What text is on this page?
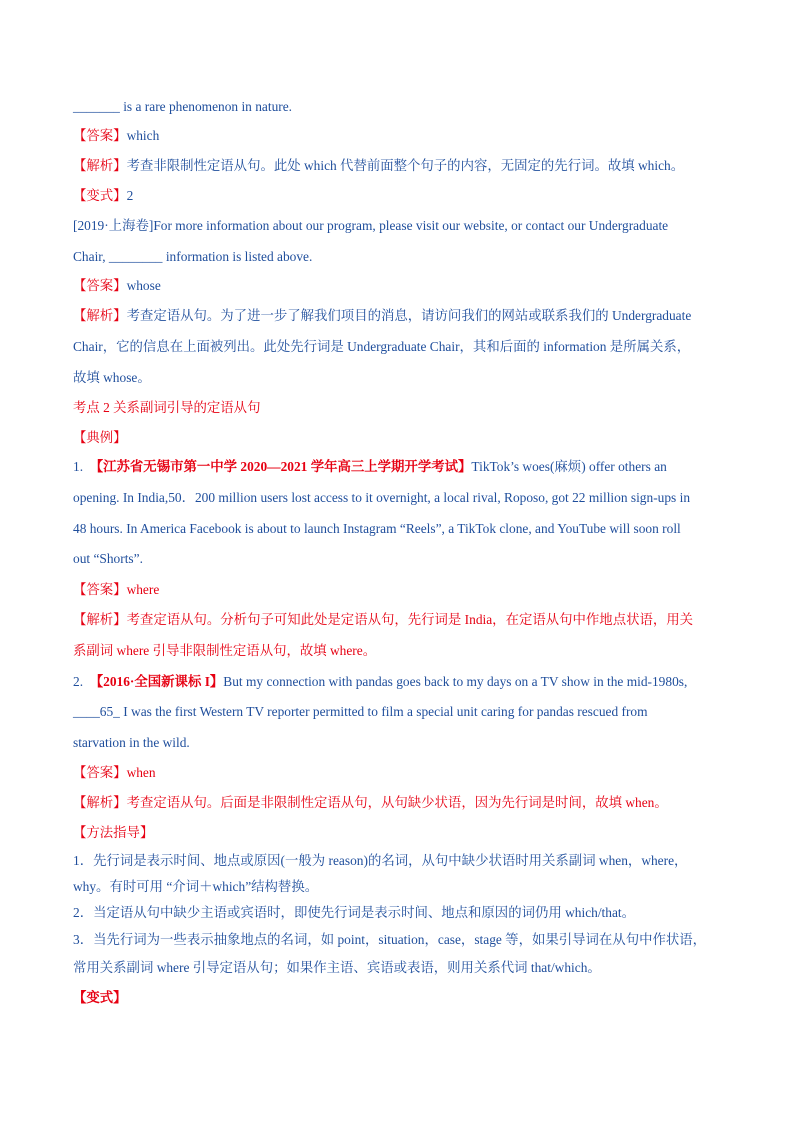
_______ is a rare phenomenon in nature.
【答案】which
【解析】考查非限制性定语从句。此处 which 代替前面整个句子的内容，无固定的先行词。故填 which。
【变式】2
[2019·上海卷]For more information about our program, please visit our website, or contact our Undergraduate
Chair, ________ information is listed above.
【答案】whose
【解析】考查定语从句。为了进一步了解我们项目的消息，请访问我们的网站或联系我们的 Undergraduate
Chair，它的信息在上面被列出。此处先行词是 Undergraduate Chair，其和后面的 information 是所属关系，
故填 whose。
考点 2 关系副词引导的定语从句
【典例】
1. 【江苏省无锡市第一中学 2020—2021 学年高三上学期开学考试】TikTok’s woes(麻烦) offer others an
opening. In India,50．200 million users lost access to it overnight, a local rival, Roposo, got 22 million sign-ups in
48 hours. In America Facebook is about to launch Instagram “Reels”, a TikTok clone, and YouTube will soon roll
out “Shorts”.
【答案】where
【解析】考查定语从句。分析句子可知此处是定语从句，先行词是 India，在定语从句中作地点状语，用关
系副词 where 引导非限制性定语从句，故填 where。
2. 【2016·全国新课标 I】But my connection with pandas goes back to my days on a TV show in the mid-1980s,
____65_ I was the first Western TV reporter permitted to film a special unit caring for pandas rescued from
starvation in the wild.
【答案】when
【解析】考查定语从句。后面是非限制性定语从句，从句缺少状语，因为先行词是时间，故填 when。
【方法指导】
1．先行词是表示时间、地点或原因(一般为 reason)的名词，从句中缺少状语时用关系副词 when，where，
why。有时可用 “介词＋which”结构替换。
2．当定语从句中缺少主语或宾语时，即使先行词是表示时间、地点和原因的词仍用 which/that。
3．当先行词为一些表示抽象地点的名词，如 point，situation，case，stage 等，如果引导词在从句中作状语，
常用关系副词 where 引导定语从句；如果作主语、宾语或表语，则用关系代词 that/which。
【变式】
